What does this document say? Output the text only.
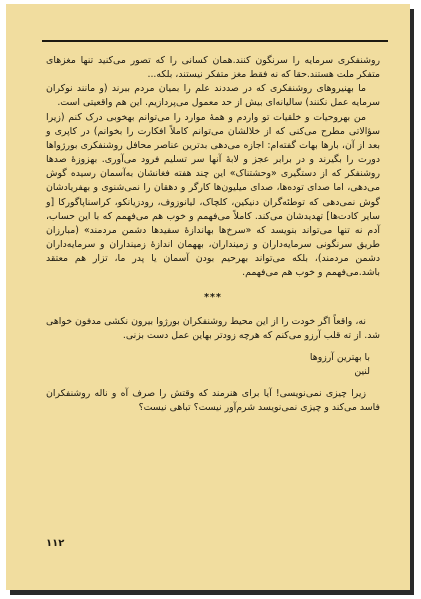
روشنفکری سرمایه را سرنگون کنند.همان کسانی را که تصور می‌کنید تنها مغزهای متفکر ملت هستند.حقا که نه فقط مغز متفکر نیستند، بلکه...

ما بهنیروهای روشنفکری که در صددند علم را بمیان مردم ببرند (و مانند نوکران سرمایه عمل نکنند) سالیانه‌ای بیش از حد معمول می‌پردازیم. این هم واقعیتی است.

من بهروحیات و خلقیات تو واردم و همهٔ موارد را می‌توانم بهخوبی درک کنم (زیرا سؤالاتی مطرح می‌کنی که از خلالشان می‌توانم کاملاً افکارت را بخوانم) در کاپری و بعد از آن، بارها بهات گفته‌ام: اجازه می‌دهی بدترین عناصر محافل روشنفکری بورژواها دورت را بگیرند و در برابر عجز و لابهٔ آنها سر تسلیم فرود می‌آوری. بهزوزهٔ صدها روشنفکر که از دستگیری «وحشتناک» این چند هفته فغانشان به‌آسمان رسیده گوش می‌دهی، اما صدای توده‌ها، صدای میلیون‌ها کارگر و دهقان را نمی‌شنوی و بهفریادشان گوش نمی‌دهی که توطئه‌گران دنیکین، کلچاک، لیانوزوف، رودزیانکو، کراسناپاگورکا [و سایر کادت‌ها] تهدیدشان می‌کند. کاملاً می‌فهمم و خوب هم می‌فهمم که با این حساب، آدم نه تنها می‌تواند بنویسد که «سرخ‌ها بهاندازهٔ سفیدها دشمن مردمند» (مبارزان طریق سرنگونی سرمایه‌داران و زمینداران، بههمان اندازهٔ زمینداران و سرمایه‌داران دشمن مردمند)، بلکه می‌تواند بهرحیم بودن آسمان یا پدر ما، تزار هم معتقد باشد.می‌فهمم و خوب هم می‌فهمم.

***

نه، واقعاً اگر خودت را از این محیط روشنفکران بورژوا بیرون نکشی مدفون خواهی شد. از ته قلب آرزو می‌کنم که هرچه زودتر بهاین عمل دست بزنی.

با بهترین آرزوها
لنین

زیرا چیزی نمی‌نویسی! آیا برای هنرمند که وقتش را صرف آه و ناله روشنفکران فاسد می‌کند و چیزی نمی‌نویسد شرم‌آور نیست؟ تباهی نیست؟

۱۱۲
